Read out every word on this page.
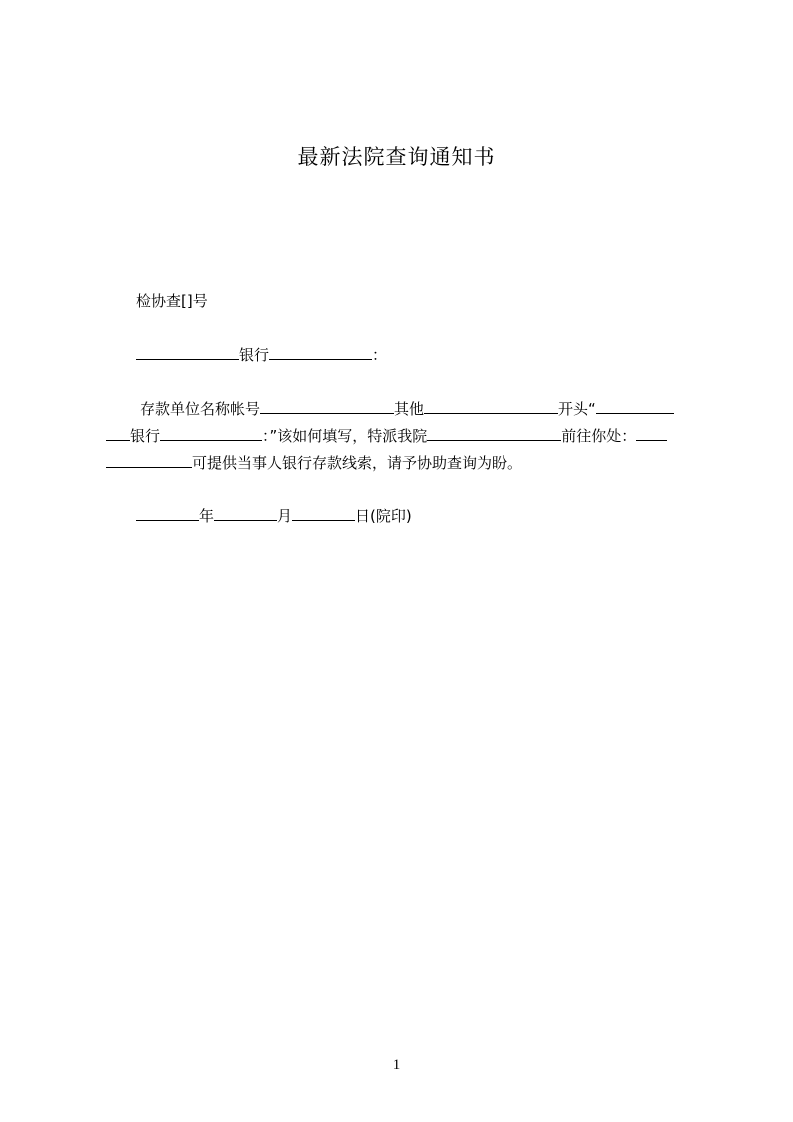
最新法院查询通知书
检协查[]号
银行	：
存款单位名称帐号	其他	开头“
银行	：”该如何填写，特派我院	前往你处：
可提供当事人银行存款线索，请予协助查询为盼。
年	月	日(院印)
1
